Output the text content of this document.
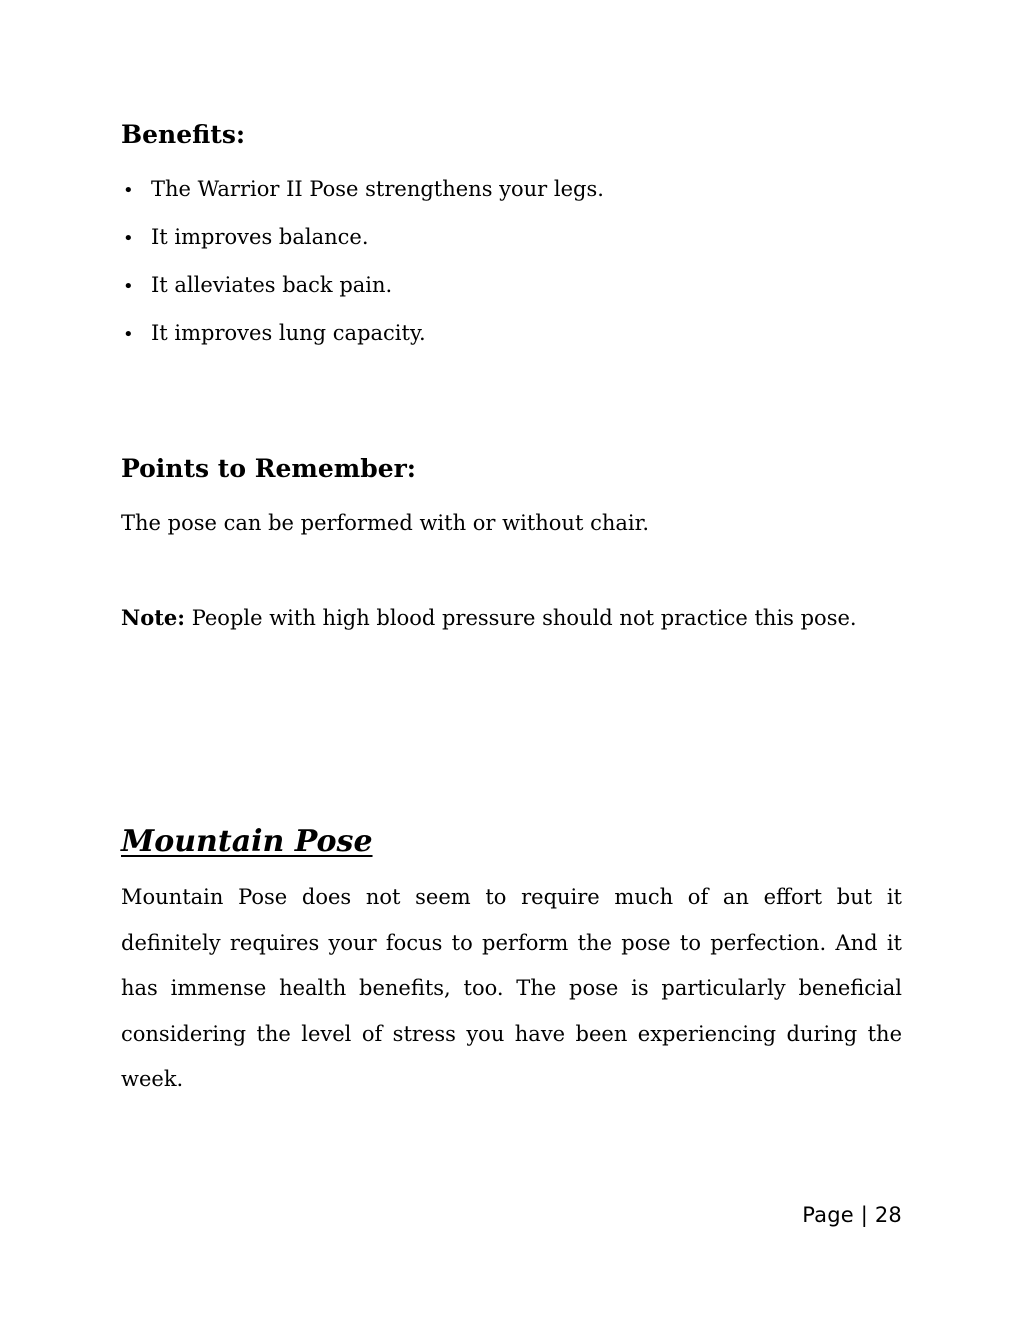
Benefits:
• The Warrior II Pose strengthens your legs.
• It improves balance.
• It alleviates back pain.
• It improves lung capacity.
Points to Remember:

The pose can be performed with or without chair.

Note: People with high blood pressure should not practice this pose.

Mountain Pose

Mountain Pose does not seem to require much of an effort but it definitely requires your focus to perform the pose to perfection. And it has immense health benefits, too. The pose is particularly beneficial considering the level of stress you have been experiencing during the week.

Page | 28
